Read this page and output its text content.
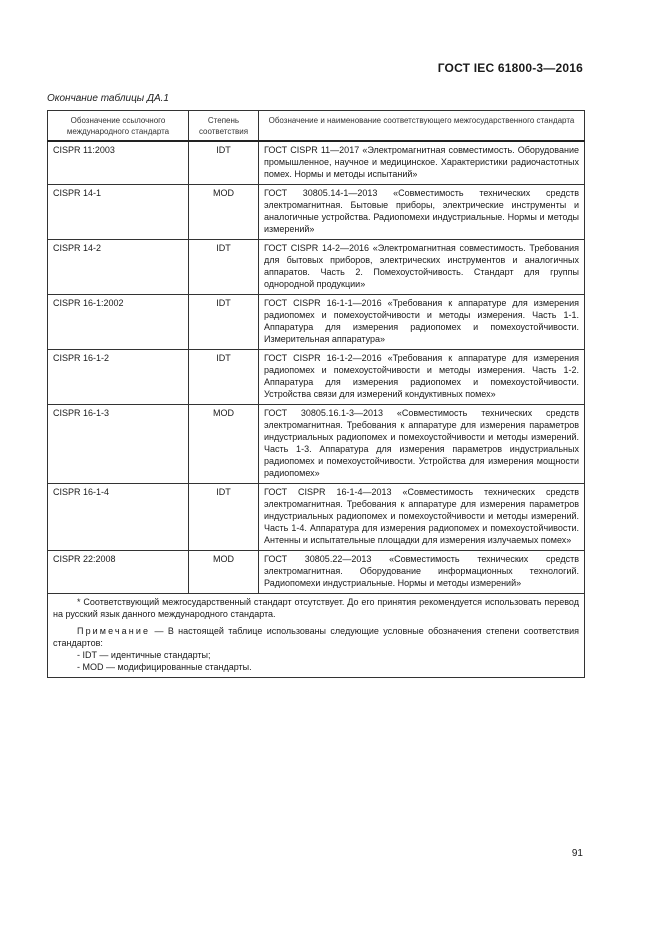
ГОСТ IEC 61800-3—2016
Окончание таблицы ДА.1
Обозначение ссылочного международного стандарта	Степень соответствия	Обозначение и наименование соответствующего межгосударственного стандарта
CISPR 11:2003	IDT	ГОСТ CISPR 11—2017 «Электромагнитная совместимость. Оборудование промышленное, научное и медицинское. Характеристики радиочастотных помех. Нормы и методы испытаний»
CISPR 14-1	MOD	ГОСТ 30805.14-1—2013 «Совместимость технических средств электромагнитная. Бытовые приборы, электрические инструменты и аналогичные устройства. Радиопомехи индустриальные. Нормы и методы измерений»
CISPR 14-2	IDT	ГОСТ CISPR 14-2—2016 «Электромагнитная совместимость. Требования для бытовых приборов, электрических инструментов и аналогичных аппаратов. Часть 2. Помехоустойчивость. Стандарт для группы однородной продукции»
CISPR 16-1:2002	IDT	ГОСТ CISPR 16-1-1—2016 «Требования к аппаратуре для измерения радиопомех и помехоустойчивости и методы измерения. Часть 1-1. Аппаратура для измерения радиопомех и помехоустойчивости. Измерительная аппаратура»
CISPR 16-1-2	IDT	ГОСТ CISPR 16-1-2—2016 «Требования к аппаратуре для измерения радиопомех и помехоустойчивости и методы измерения. Часть 1-2. Аппаратура для измерения радиопомех и помехоустойчивости. Устройства связи для измерений кондуктивных помех»
CISPR 16-1-3	MOD	ГОСТ 30805.16.1-3—2013 «Совместимость технических средств электромагнитная. Требования к аппаратуре для измерения параметров индустриальных радиопомех и помехоустойчивости и методы измерений. Часть 1-3. Аппаратура для измерения параметров индустриальных радиопомех и помехоустойчивости. Устройства для измерения мощности радиопомех»
CISPR 16-1-4	IDT	ГОСТ CISPR 16-1-4—2013 «Совместимость технических средств электромагнитная. Требования к аппаратуре для измерения параметров индустриальных радиопомех и помехоустойчивости и методы измерений. Часть 1-4. Аппаратура для измерения радиопомех и помехоустойчивости. Антенны и испытательные площадки для измерения излучаемых помех»
CISPR 22:2008	MOD	ГОСТ 30805.22—2013 «Совместимость технических средств электромагнитная. Оборудование информационных технологий. Радиопомехи индустриальные. Нормы и методы измерений»

* Соответствующий межгосударственный стандарт отсутствует. До его принятия рекомендуется использовать перевод на русский язык данного международного стандарта.

Примечание — В настоящей таблице использованы следующие условные обозначения степени соответствия стандартов:

- IDT — идентичные стандарты;

- MOD — модифицированные стандарты.		

91
